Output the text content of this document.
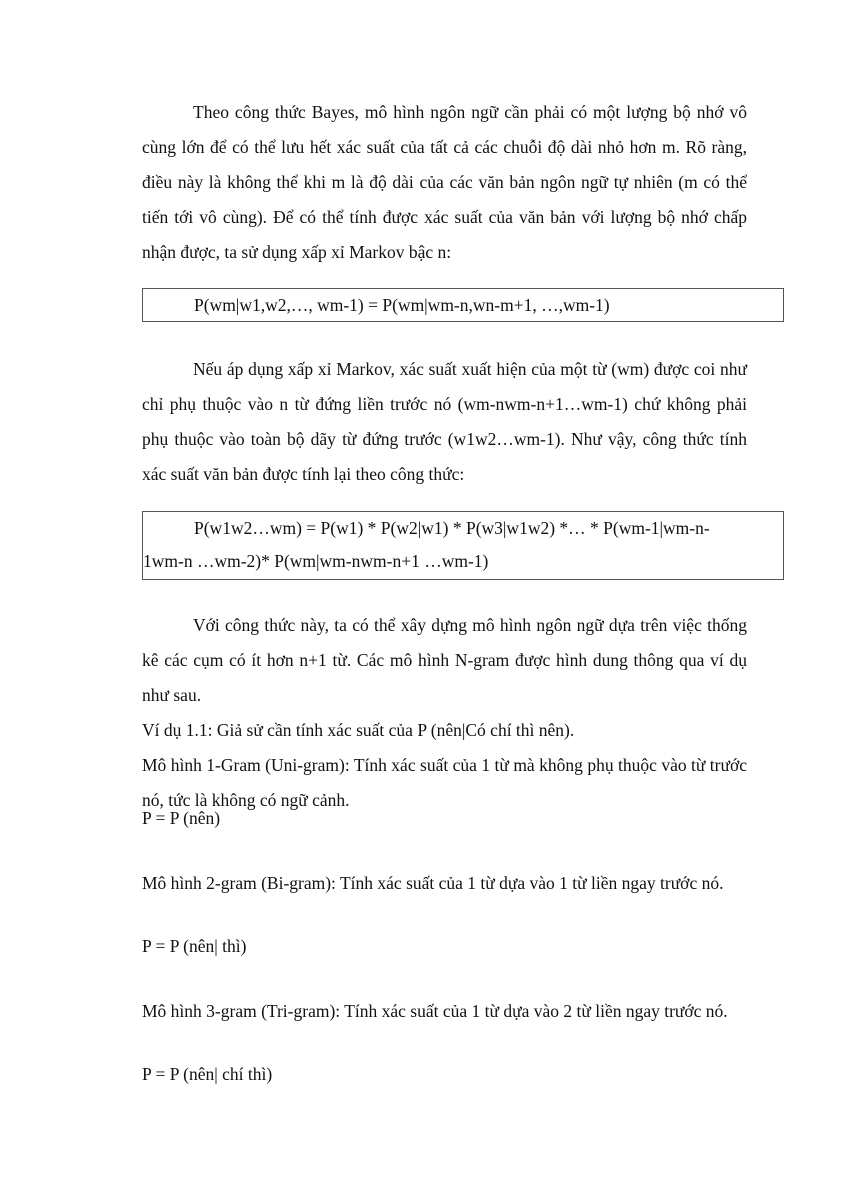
Theo công thức Bayes, mô hình ngôn ngữ cần phải có một lượng bộ nhớ vô cùng lớn để có thể lưu hết xác suất của tất cả các chuỗi độ dài nhỏ hơn m. Rõ ràng, điều này là không thể khi m là độ dài của các văn bản ngôn ngữ tự nhiên (m có thể tiến tới vô cùng). Để có thể tính được xác suất của văn bản với lượng bộ nhớ chấp nhận được, ta sử dụng xấp xỉ Markov bậc n:

P(wm|w1,w2,…, wm-1) = P(wm|wm-n,wn-m+1, …,wm-1)

Nếu áp dụng xấp xỉ Markov, xác suất xuất hiện của một từ (wm) được coi như chỉ phụ thuộc vào n từ đứng liền trước nó (wm-nwm-n+1…wm-1) chứ không phải phụ thuộc vào toàn bộ dãy từ đứng trước (w1w2…wm-1). Như vậy, công thức tính xác suất văn bản được tính lại theo công thức:

P(w1w2…wm) = P(w1) * P(w2|w1) * P(w3|w1w2) *… * P(wm-1|wm-n-1wm-n …wm-2)* P(wm|wm-nwm-n+1 …wm-1)

Với công thức này, ta có thể xây dựng mô hình ngôn ngữ dựa trên việc thống kê các cụm có ít hơn n+1 từ. Các mô hình N-gram được hình dung thông qua ví dụ như sau.

Ví dụ 1.1: Giả sử cần tính xác suất của P (nên|Có chí thì nên).

Mô hình 1-Gram (Uni-gram): Tính xác suất của 1 từ mà không phụ thuộc vào từ trước nó, tức là không có ngữ cảnh.

P = P (nên)

Mô hình 2-gram (Bi-gram): Tính xác suất của 1 từ dựa vào 1 từ liền ngay trước nó.

P = P (nên| thì)

Mô hình 3-gram (Tri-gram): Tính xác suất của 1 từ dựa vào 2 từ liền ngay trước nó.

P = P (nên| chí thì)
